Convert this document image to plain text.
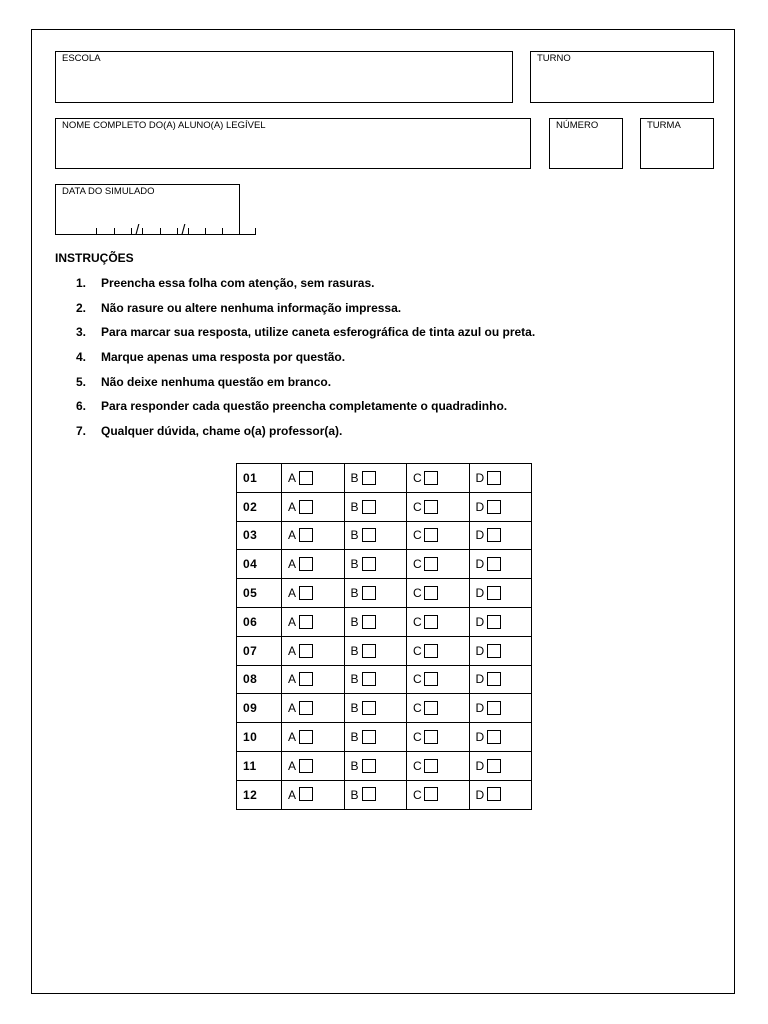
ESCOLA	TURNO
NOME COMPLETO DO(A) ALUNO(A) LEGÍVEL	NÚMERO	TURMA
DATA DO SIMULADO

/	/

INSTRUÇÕES
1.	Preencha essa folha com atenção, sem rasuras.
2.	Não rasure ou altere nenhuma informação impressa.
3.	Para marcar sua resposta, utilize caneta esferográfica de tinta azul ou preta.
4.	Marque apenas uma resposta por questão.
5.	Não deixe nenhuma questão em branco.
6.	Para responder cada questão preencha completamente o quadradinho.
7.	Qualquer dúvida, chame o(a) professor(a).
01	A	B	C	D
02	A	B	C	D
03	A	B	C	D
04	A	B	C	D
05	A	B	C	D
06	A	B	C	D
07	A	B	C	D
08	A	B	C	D
09	A	B	C	D
10	A	B	C	D
11	A	B	C	D
12	A	B	C	D
